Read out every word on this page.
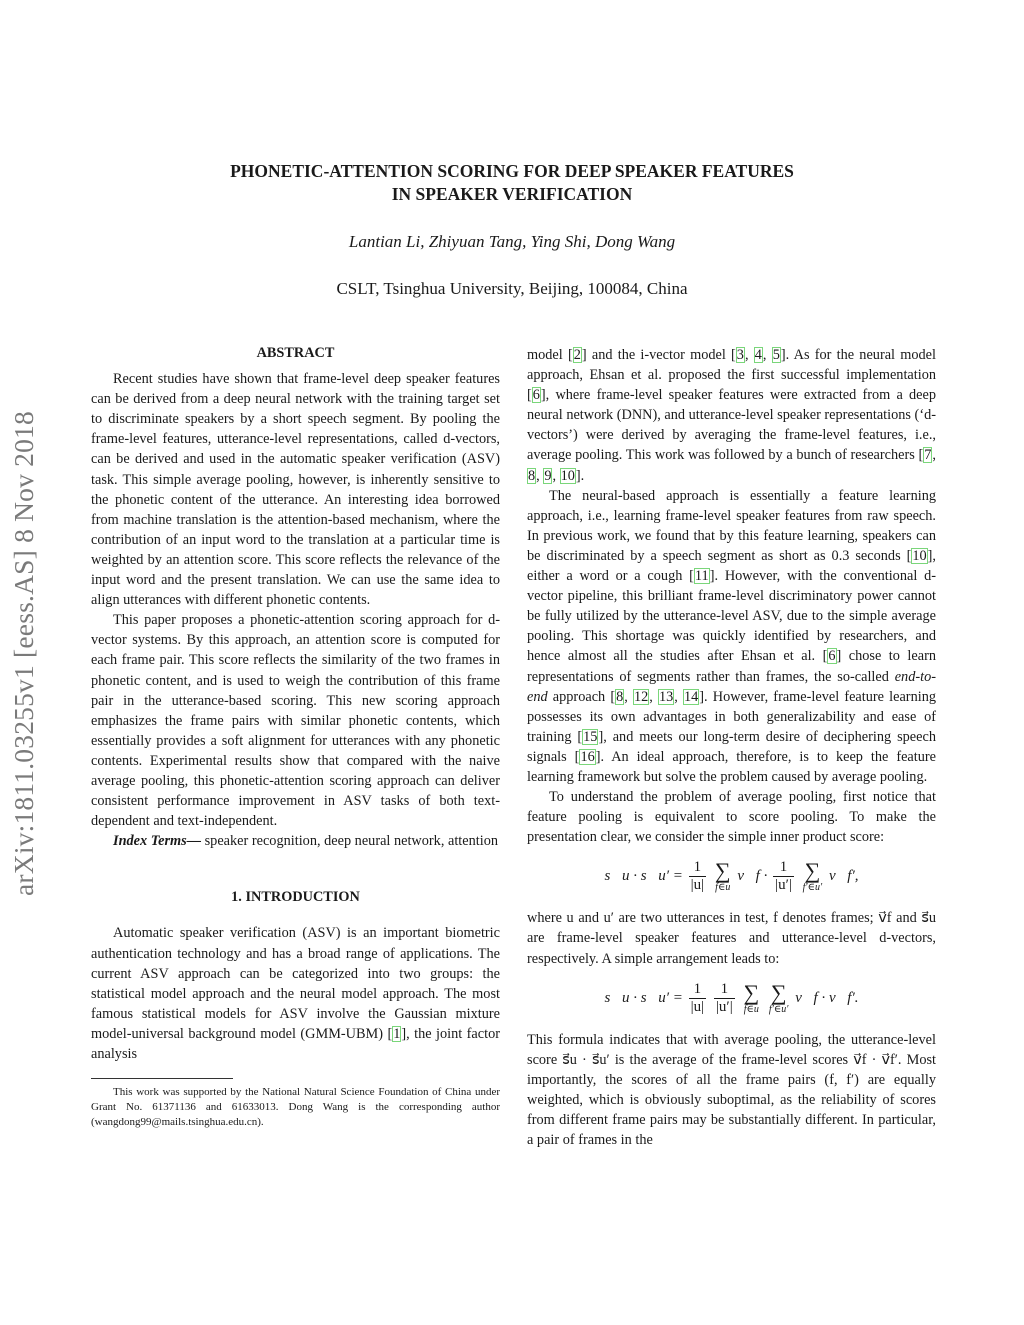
PHONETIC-ATTENTION SCORING FOR DEEP SPEAKER FEATURES
IN SPEAKER VERIFICATION
Lantian Li, Zhiyuan Tang, Ying Shi, Dong Wang
CSLT, Tsinghua University, Beijing, 100084, China
arXiv:1811.03255v1 [eess.AS] 8 Nov 2018
ABSTRACT

Recent studies have shown that frame-level deep speaker features can be derived from a deep neural network with the training target set to discriminate speakers by a short speech segment. By pooling the frame-level features, utterance-level representations, called d-vectors, can be derived and used in the automatic speaker verification (ASV) task. This simple average pooling, however, is inherently sensitive to the phonetic content of the utterance. An interesting idea borrowed from machine translation is the attention-based mechanism, where the contribution of an input word to the translation at a particular time is weighted by an attention score. This score reflects the relevance of the input word and the present translation. We can use the same idea to align utterances with different phonetic contents.

This paper proposes a phonetic-attention scoring approach for d-vector systems. By this approach, an attention score is computed for each frame pair. This score reflects the similarity of the two frames in phonetic content, and is used to weigh the contribution of this frame pair in the utterance-based scoring. This new scoring approach emphasizes the frame pairs with similar phonetic contents, which essentially provides a soft alignment for utterances with any phonetic contents. Experimental results show that compared with the naive average pooling, this phonetic-attention scoring approach can deliver consistent performance improvement in ASV tasks of both text-dependent and text-independent.

Index Terms— speaker recognition, deep neural network, attention

1. INTRODUCTION

Automatic speaker verification (ASV) is an important biometric authentication technology and has a broad range of applications. The current ASV approach can be categorized into two groups: the statistical model approach and the neural model approach. The most famous statistical models for ASV involve the Gaussian mixture model-universal background model (GMM-UBM) [1], the joint factor analysis

This work was supported by the National Natural Science Foundation of China under Grant No. 61371136 and 61633013. Dong Wang is the corresponding author (wangdong99@mails.tsinghua.edu.cn).

model [2] and the i-vector model [3, 4, 5]. As for the neural model approach, Ehsan et al. proposed the first successful implementation [6], where frame-level speaker features were extracted from a deep neural network (DNN), and utterance-level speaker representations (‘d-vectors’) were derived by averaging the frame-level features, i.e., average pooling. This work was followed by a bunch of researchers [7, 8, 9, 10].

The neural-based approach is essentially a feature learning approach, i.e., learning frame-level speaker features from raw speech. In previous work, we found that by this feature learning, speakers can be discriminated by a speech segment as short as 0.3 seconds [10], either a word or a cough [11]. However, with the conventional d-vector pipeline, this brilliant frame-level discriminatory power cannot be fully utilized by the utterance-level ASV, due to the simple average pooling. This shortage was quickly identified by researchers, and hence almost all the studies after Ehsan et al. [6] chose to learn representations of segments rather than frames, the so-called end-to-end approach [8, 12, 13, 14]. However, frame-level feature learning possesses its own advantages in both generalizability and ease of training [15], and meets our long-term desire of deciphering speech signals [16]. An ideal approach, therefore, is to keep the feature learning framework but solve the problem caused by average pooling.

To understand the problem of average pooling, first notice that feature pooling is equivalent to score pooling. To make the presentation clear, we consider the simple inner product score:

s⃗u · s⃗u′ = $\frac{1}{|u|}$
∑
f∈u
v⃗f · $\frac{1}{|u'|}$
∑
f′∈u′
v⃗f′,

where u and u′ are two utterances in test, f denotes frames; v⃗f and s⃗u are frame-level speaker features and utterance-level d-vectors, respectively. A simple arrangement leads to:

s⃗u · s⃗u′ = $\frac{1}{|u|}$
$\frac{1}{|u'|}$
∑
f∈u

∑
f′∈u′
v⃗f · v⃗f′.

This formula indicates that with average pooling, the utterance-level score s⃗u · s⃗u′ is the average of the frame-level scores v⃗f · v⃗f′. Most importantly, the scores of all the frame pairs (f, f′) are equally weighted, which is obviously suboptimal, as the reliability of scores from different frame pairs may be substantially different. In particular, a pair of frames in the
